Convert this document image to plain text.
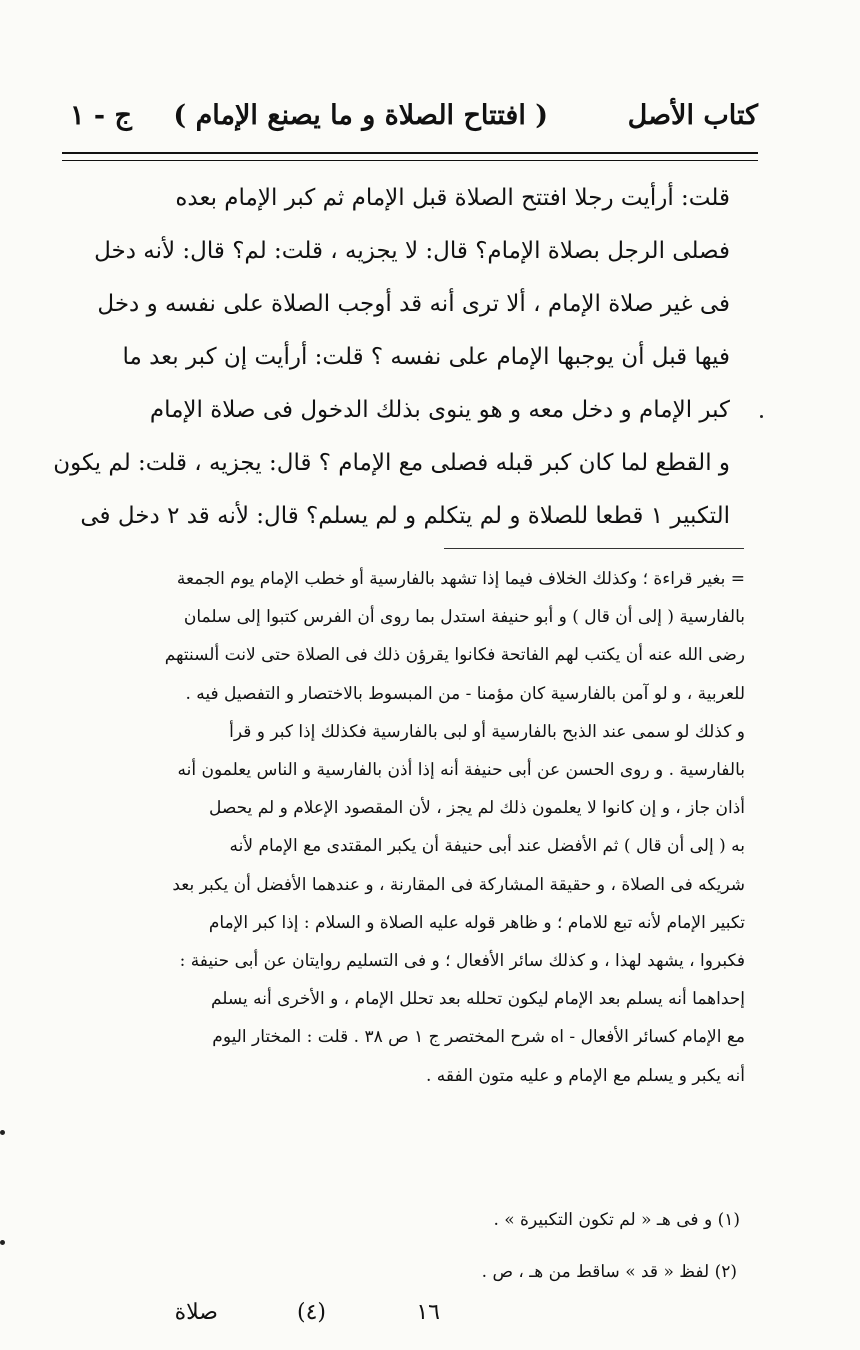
كتاب الأصل
( افتتاح الصلاة و ما يصنع الإمام )
ج - ١

قلت: أرأيت رجلا افتتح الصلاة قبل الإمام ثم كبر الإمام بعده

فصلى الرجل بصلاة الإمام؟ قال: لا يجزيه ، قلت: لم؟ قال: لأنه دخل

فى غير صلاة الإمام ، ألا ترى أنه قد أوجب الصلاة على نفسه و دخل

فيها قبل أن يوجبها الإمام على نفسه ؟ قلت: أرأيت إن كبر بعد ما

كبر الإمام و دخل معه و هو ينوى بذلك الدخول فى صلاة الإمام

و القطع لما كان كبر قبله فصلى مع الإمام ؟ قال: يجزيه ، قلت: لم يكون

التكبير ١ قطعا للصلاة و لم يتكلم و لم يسلم؟ قال: لأنه قد ٢ دخل فى

= بغير قراءة ؛ وكذلك الخلاف فيما إذا تشهد بالفارسية أو خطب الإمام يوم الجمعة

بالفارسية ( إلى أن قال ) و أبو حنيفة استدل بما روى أن الفرس كتبوا إلى سلمان

رضى الله عنه أن يكتب لهم الفاتحة فكانوا يقرؤن ذلك فى الصلاة حتى لانت ألسنتهم

للعربية ، و لو آمن بالفارسية كان مؤمنا - من المبسوط بالاختصار و التفصيل فيه .

و كذلك لو سمى عند الذبح بالفارسية أو لبى بالفارسية فكذلك إذا كبر و قرأ

بالفارسية . و روى الحسن عن أبى حنيفة أنه إذا أذن بالفارسية و الناس يعلمون أنه

أذان جاز ، و إن كانوا لا يعلمون ذلك لم يجز ، لأن المقصود الإعلام و لم يحصل

به ( إلى أن قال ) ثم الأفضل عند أبى حنيفة أن يكبر المقتدى مع الإمام لأنه

شريكه فى الصلاة ، و حقيقة المشاركة فى المقارنة ، و عندهما الأفضل أن يكبر بعد

تكبير الإمام لأنه تبع للامام ؛ و ظاهر قوله عليه الصلاة و السلام : إذا كبر الإمام

فكبروا ، يشهد لهذا ، و كذلك سائر الأفعال ؛ و فى التسليم روايتان عن أبى حنيفة :

إحداهما أنه يسلم بعد الإمام ليكون تحلله بعد تحلل الإمام ، و الأخرى أنه يسلم

مع الإمام كسائر الأفعال - اه شرح المختصر ج ١ ص ٣٨ . قلت : المختار اليوم

أنه يكبر و يسلم مع الإمام و عليه متون الفقه .

(١) و فى هـ « لم تكون التكبيرة » .
(٢) لفظ « قد » ساقط من هـ ، ص .
١٦
(٤)
صلاة
